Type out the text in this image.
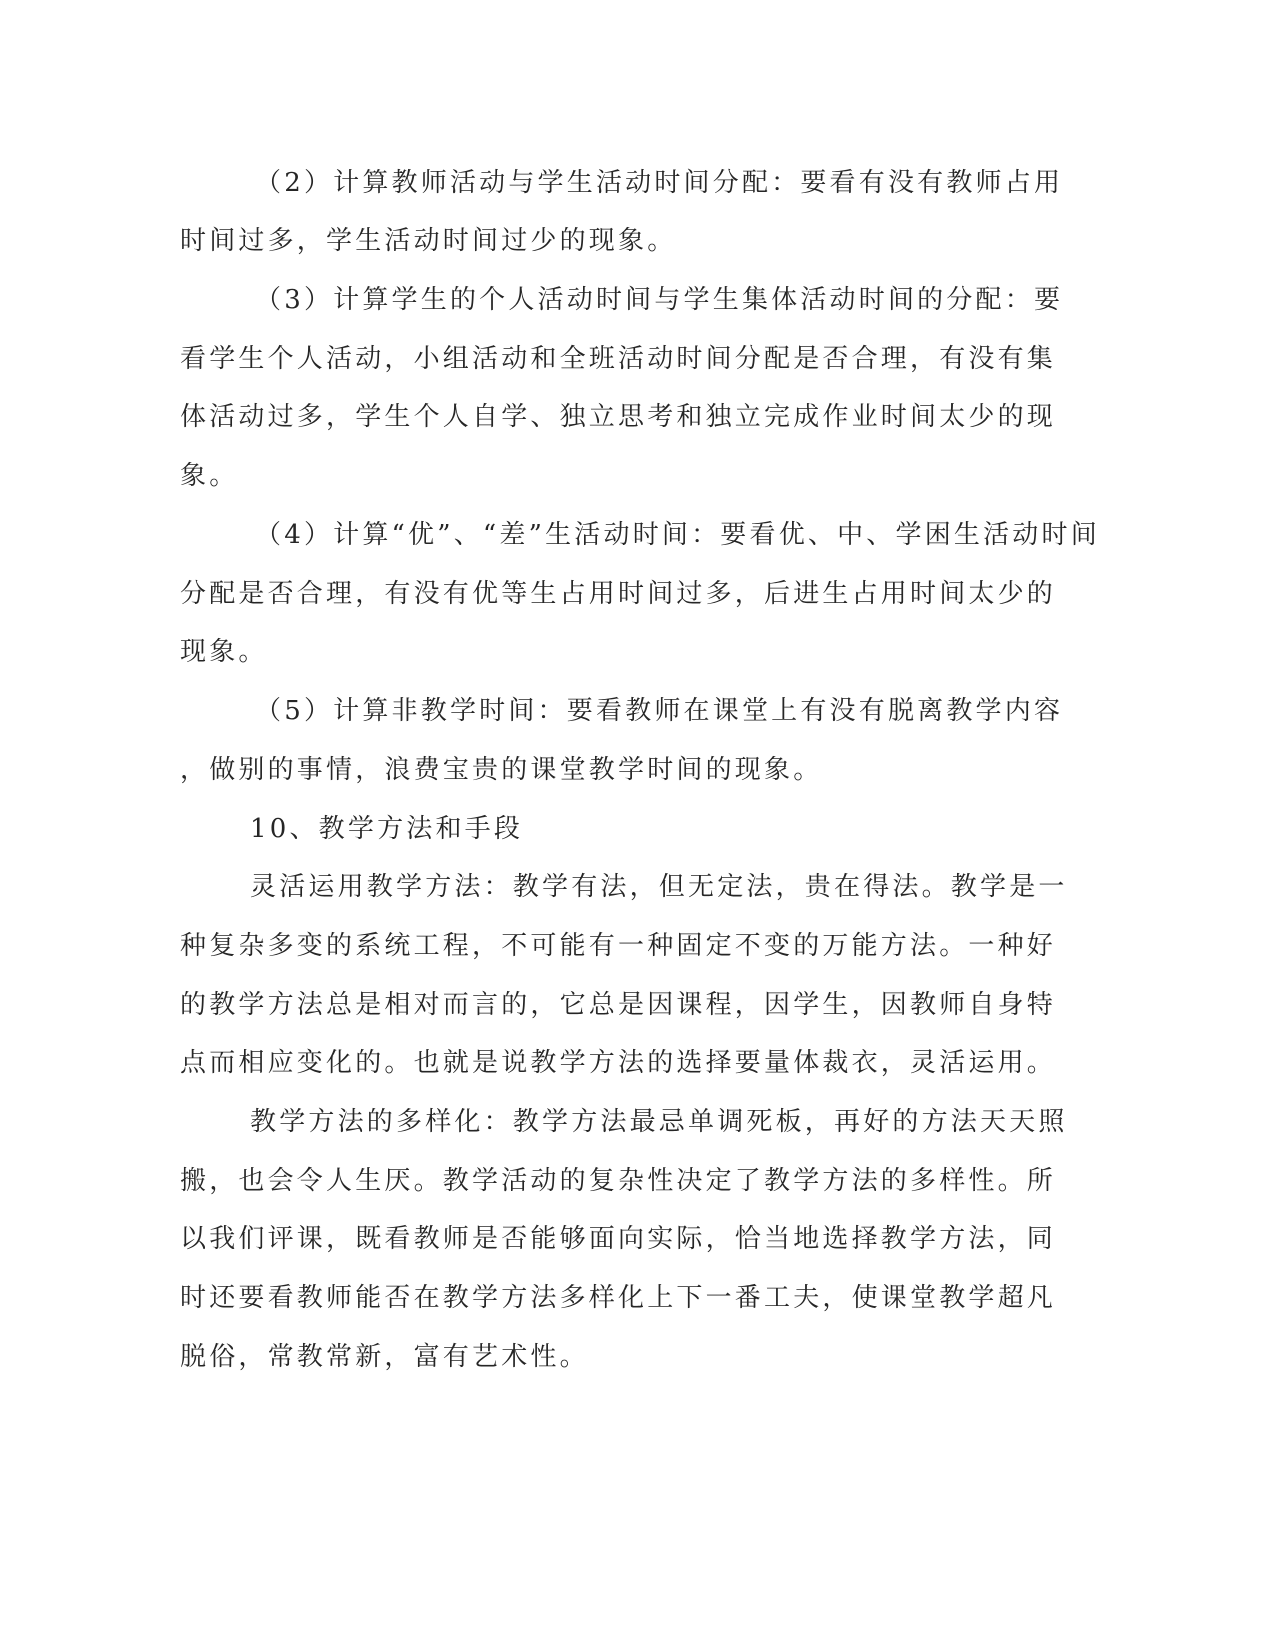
（2）计算教师活动与学生活动时间分配：要看有没有教师占用

时间过多，学生活动时间过少的现象。

（3）计算学生的个人活动时间与学生集体活动时间的分配：要

看学生个人活动，小组活动和全班活动时间分配是否合理，有没有集

体活动过多，学生个人自学、独立思考和独立完成作业时间太少的现

象。

（4）计算“优”、“差”生活动时间：要看优、中、学困生活动时间

分配是否合理，有没有优等生占用时间过多，后进生占用时间太少的

现象。

（5）计算非教学时间：要看教师在课堂上有没有脱离教学内容

，做别的事情，浪费宝贵的课堂教学时间的现象。

10、教学方法和手段

灵活运用教学方法：教学有法，但无定法，贵在得法。教学是一

种复杂多变的系统工程，不可能有一种固定不变的万能方法。一种好

的教学方法总是相对而言的，它总是因课程，因学生，因教师自身特

点而相应变化的。也就是说教学方法的选择要量体裁衣，灵活运用。

教学方法的多样化：教学方法最忌单调死板，再好的方法天天照

搬，也会令人生厌。教学活动的复杂性决定了教学方法的多样性。所

以我们评课，既看教师是否能够面向实际，恰当地选择教学方法，同

时还要看教师能否在教学方法多样化上下一番工夫，使课堂教学超凡

脱俗，常教常新，富有艺术性。
